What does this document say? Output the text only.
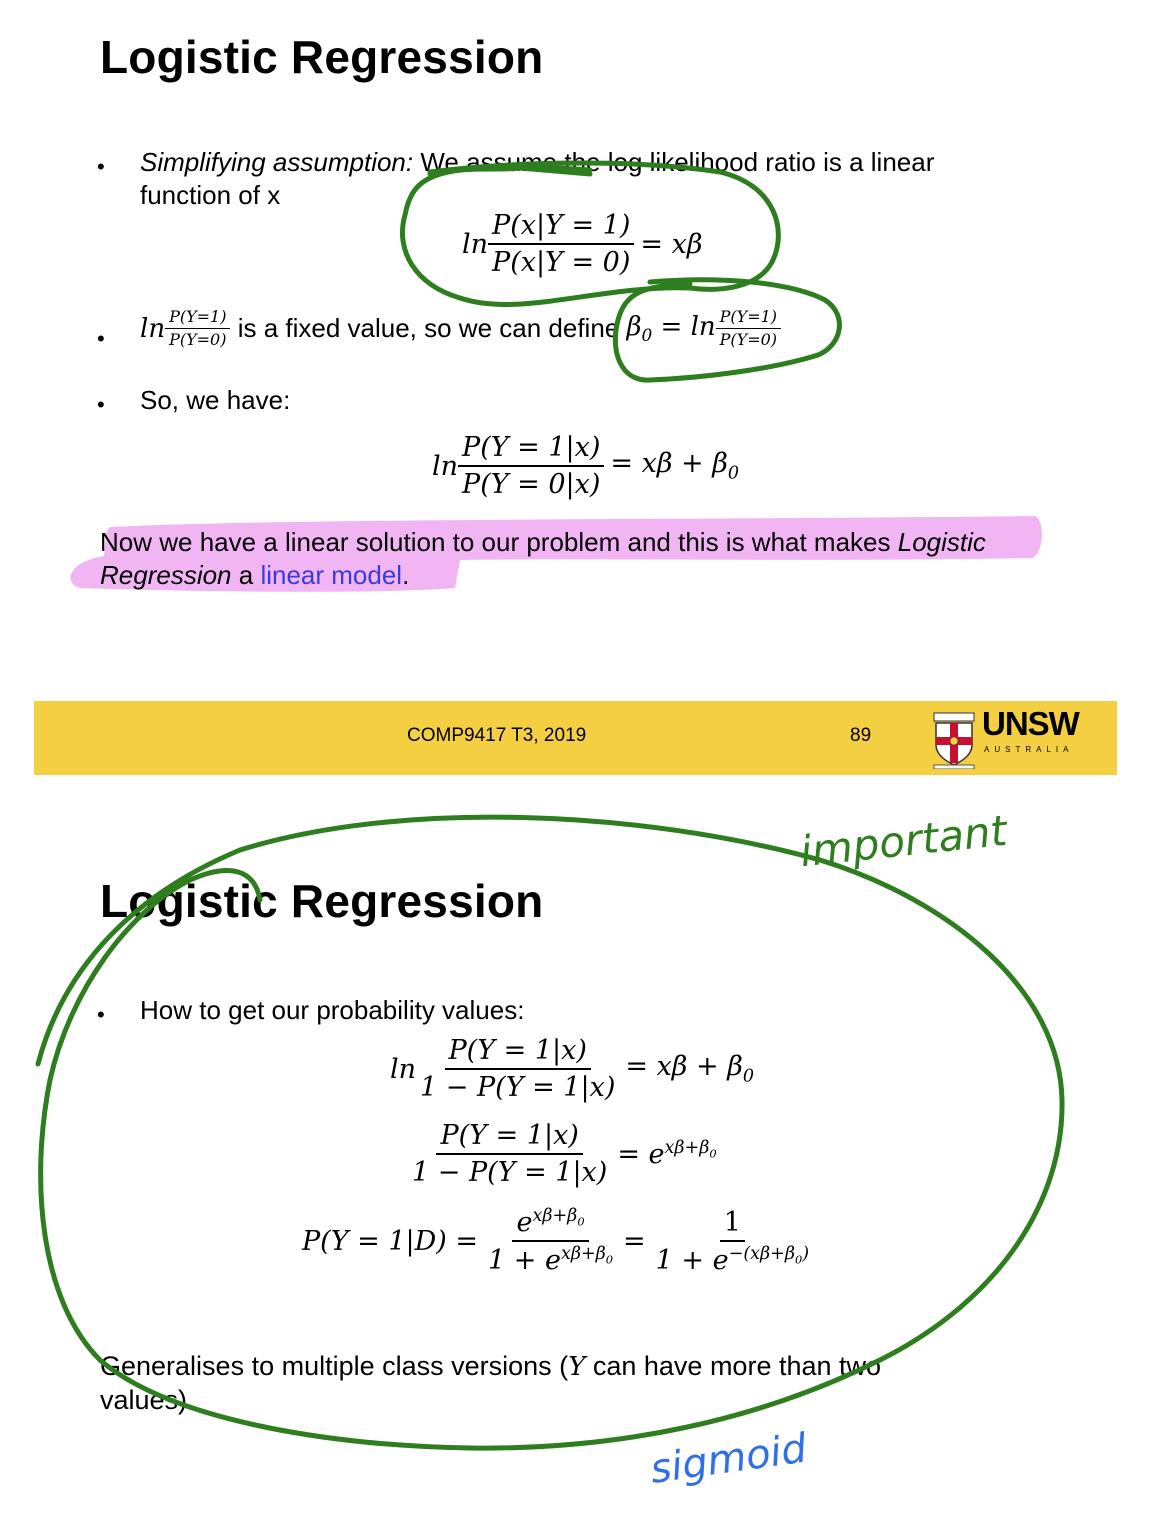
Logistic Regression
• Simplifying assumption: We assume the log likelihood ratio is a linear
function of x
$\ln \frac{P(x|Y = 1)}{P(x|Y = 0)} = x\beta$
• $\ln \frac{P(Y=1)}{P(Y=0)}$ is a fixed value, so we can define $\beta_0 = \ln \frac{P(Y=1)}{P(Y=0)}$
• So, we have:
$\ln \frac{P(Y = 1|x)}{P(Y = 0|x)} = x\beta + \beta_0$
Now we have a linear solution to our problem and this is what makes Logistic
Regression a linear model.
COMP9417 T3, 2019	89	UNSW
AUSTRALIA
Logistic Regression
• How to get our probability values:
$\ln \frac{P(Y = 1|x)}{1 - P(Y = 1|x)} = x\beta + \beta_0$
$\frac{P(Y = 1|x)}{1 - P(Y = 1|x)} = e^{x\beta+\beta_0}$
$P(Y = 1|D) = \frac{e^{x\beta+\beta_0}}{1 + e^{x\beta+\beta_0}} = \frac{1}{1 + e^{-(x\beta+\beta_0)}}$
Generalises to multiple class versions (Y can have more than two
values).
important
sigmoid
